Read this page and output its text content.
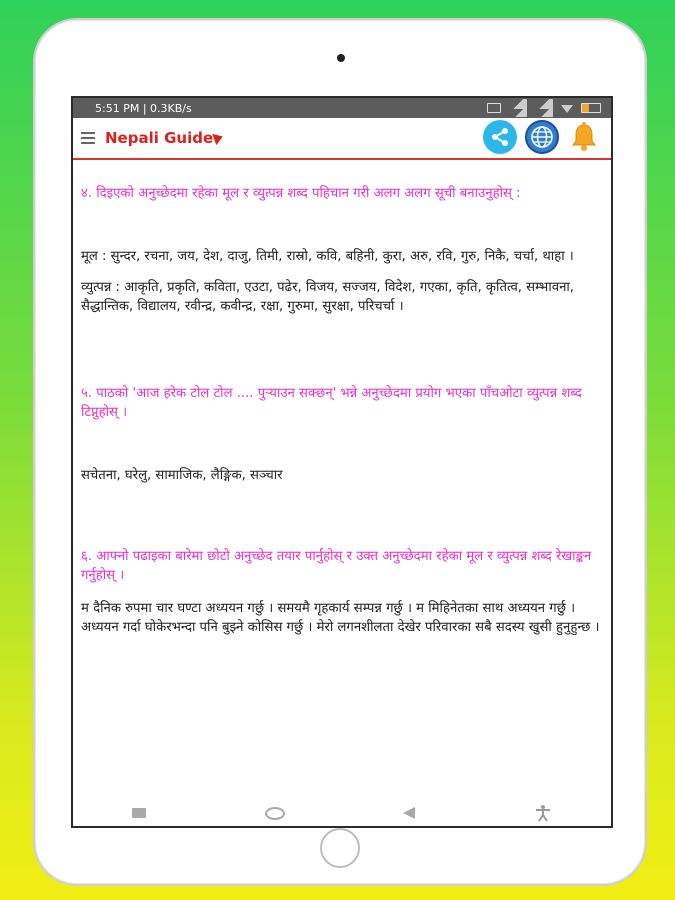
5:51 PM | 0.3KB/s
Nepali Guide

४. दिइएको अनुच्छेदमा रहेका मूल र व्युत्पन्न शब्द पहिचान गरी अलग अलग सूची बनाउनुहोस् :

मूल : सुन्दर, रचना, जय, देश, दाजु, तिमी, रास्रो, कवि, बहिनी, कुरा, अरु, रवि, गुरु, निकै, चर्चा, थाहा ।

व्युत्पन्न : आकृति, प्रकृति, कविता, एउटा, पढेर, विजय, सज्जय, विदेश, गएका, कृति, कृतित्व, सम्भावना, सैद्धान्तिक, विद्यालय, रवीन्द्र, कवीन्द्र, रक्षा, गुरुमा, सुरक्षा, परिचर्चा ।

५. पाठको 'आज हरेक टोल टोल .... पुऱ्याउन सक्छन्' भन्ने अनुच्छेदमा प्रयोग भएका पाँचओटा व्युत्पन्न शब्द टिप्नुहोस् ।

सचेतना, घरेलु, सामाजिक, लैङ्गिक, सञ्चार

६. आफ्नो पढाइका बारेमा छोटो अनुच्छेद तयार पार्नुहोस् र उक्त अनुच्छेदमा रहेका मूल र व्युत्पन्न शब्द रेखाङ्कन गर्नुहोस् ।

म दैनिक रुपमा चार घण्टा अध्ययन गर्छु । समयमै गृहकार्य सम्पन्न गर्छु । म मिहिनेतका साथ अध्ययन गर्छु । अध्ययन गर्दा घोकेरभन्दा पनि बुझ्ने कोसिस गर्छु । मेरो लगनशीलता देखेर परिवारका सबै सदस्य खुसी हुनुहुन्छ ।
